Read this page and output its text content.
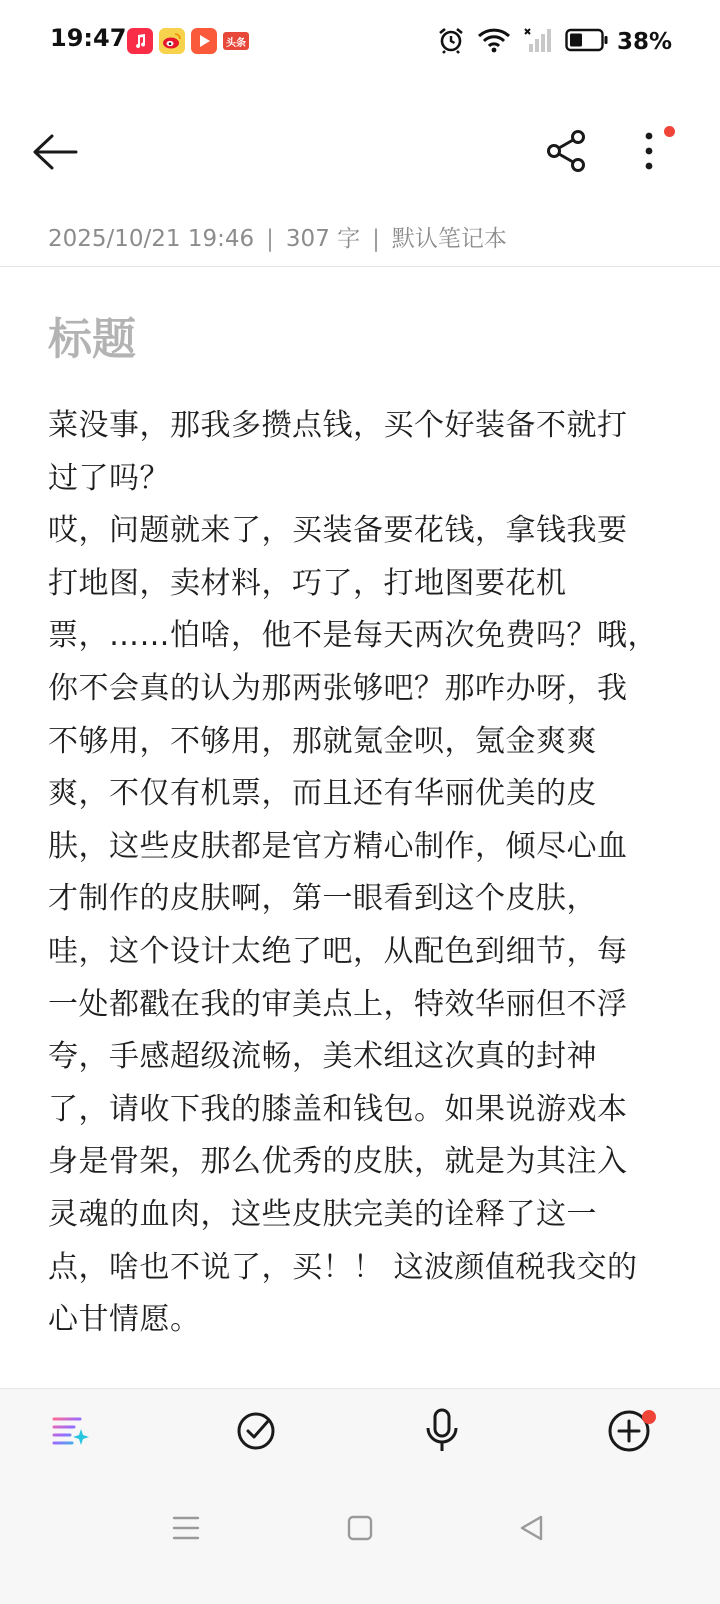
19:47	头条	38%
2025/10/21 19:46 | 307 字 | 默认笔记本
标题
菜没事，那我多攒点钱，买个好装备不就打
过了吗？
哎，问题就来了，买装备要花钱，拿钱我要
打地图，卖材料，巧了，打地图要花机
票，……怕啥，他不是每天两次免费吗？哦，
你不会真的认为那两张够吧？那咋办呀，我
不够用，不够用，那就氪金呗，氪金爽爽
爽，不仅有机票，而且还有华丽优美的皮
肤，这些皮肤都是官方精心制作，倾尽心血
才制作的皮肤啊，第一眼看到这个皮肤，
哇，这个设计太绝了吧，从配色到细节，每
一处都戳在我的审美点上，特效华丽但不浮
夸，手感超级流畅，美术组这次真的封神
了，请收下我的膝盖和钱包。如果说游戏本
身是骨架，那么优秀的皮肤，就是为其注入
灵魂的血肉，这些皮肤完美的诠释了这一
点，啥也不说了，买！！ 这波颜值税我交的
心甘情愿。
